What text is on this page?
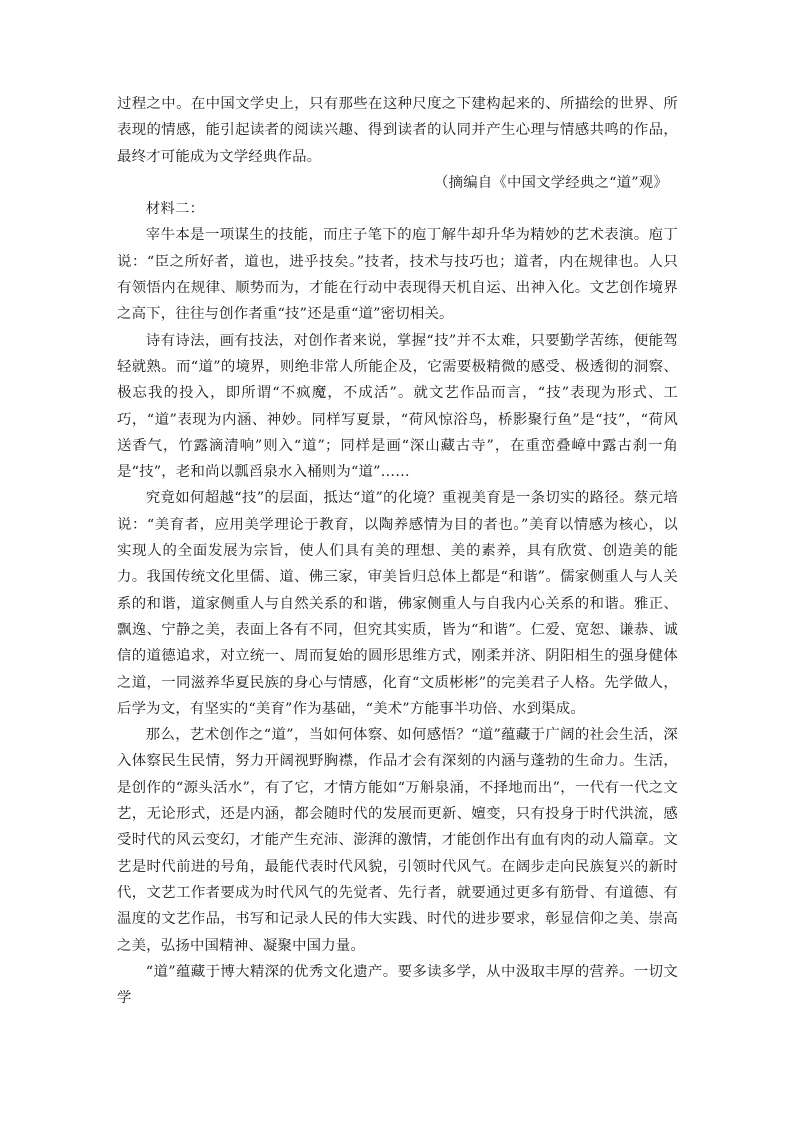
过程之中。在中国文学史上，只有那些在这种尺度之下建构起来的、所描绘的世界、所表现的情感，能引起读者的阅读兴趣、得到读者的认同并产生心理与情感共鸣的作品，最终才可能成为文学经典作品。

（摘编自《中国文学经典之“道”观》

材料二：

宰牛本是一项谋生的技能，而庄子笔下的庖丁解牛却升华为精妙的艺术表演。庖丁说：“臣之所好者，道也，进乎技矣。”技者，技术与技巧也；道者，内在规律也。人只有领悟内在规律、顺势而为，才能在行动中表现得天机自运、出神入化。文艺创作境界之高下，往往与创作者重“技”还是重“道”密切相关。

诗有诗法，画有技法，对创作者来说，掌握“技”并不太难，只要勤学苦练，便能驾轻就熟。而“道”的境界，则绝非常人所能企及，它需要极精微的感受、极透彻的洞察、极忘我的投入，即所谓“不疯魔，不成活”。就文艺作品而言，“技”表现为形式、工巧，“道”表现为内涵、神妙。同样写夏景，“荷风惊浴鸟，桥影聚行鱼”是“技”，“荷风送香气，竹露滴清响”则入“道”；同样是画“深山藏古寺”，在重峦叠嶂中露古刹一角是“技”，老和尚以瓢舀泉水入桶则为“道”……

究竟如何超越“技”的层面，抵达“道”的化境？重视美育是一条切实的路径。蔡元培说：“美育者，应用美学理论于教育，以陶养感情为目的者也。”美育以情感为核心，以实现人的全面发展为宗旨，使人们具有美的理想、美的素养，具有欣赏、创造美的能力。我国传统文化里儒、道、佛三家，审美旨归总体上都是“和谐”。儒家侧重人与人关系的和谐，道家侧重人与自然关系的和谐，佛家侧重人与自我内心关系的和谐。雅正、飘逸、宁静之美，表面上各有不同，但究其实质，皆为“和谐”。仁爱、宽恕、谦恭、诚信的道德追求，对立统一、周而复始的圆形思维方式，刚柔并济、阴阳相生的强身健体之道，一同滋养华夏民族的身心与情感，化育“文质彬彬”的完美君子人格。先学做人，后学为文，有坚实的“美育”作为基础，“美术”方能事半功倍、水到渠成。

那么，艺术创作之“道”，当如何体察、如何感悟？“道”蕴藏于广阔的社会生活，深入体察民生民情，努力开阔视野胸襟，作品才会有深刻的内涵与蓬勃的生命力。生活，是创作的“源头活水”，有了它，才情方能如“万斛泉涌，不择地而出”，一代有一代之文艺，无论形式，还是内涵，都会随时代的发展而更新、嬗变，只有投身于时代洪流，感受时代的风云变幻，才能产生充沛、澎湃的激情，才能创作出有血有肉的动人篇章。文艺是时代前进的号角，最能代表时代风貌，引领时代风气。在阔步走向民族复兴的新时代，文艺工作者要成为时代风气的先觉者、先行者，就要通过更多有筋骨、有道德、有温度的文艺作品，书写和记录人民的伟大实践、时代的进步要求，彰显信仰之美、崇高之美，弘扬中国精神、凝聚中国力量。

“道”蕴藏于博大精深的优秀文化遗产。要多读多学，从中汲取丰厚的营养。一切文学
